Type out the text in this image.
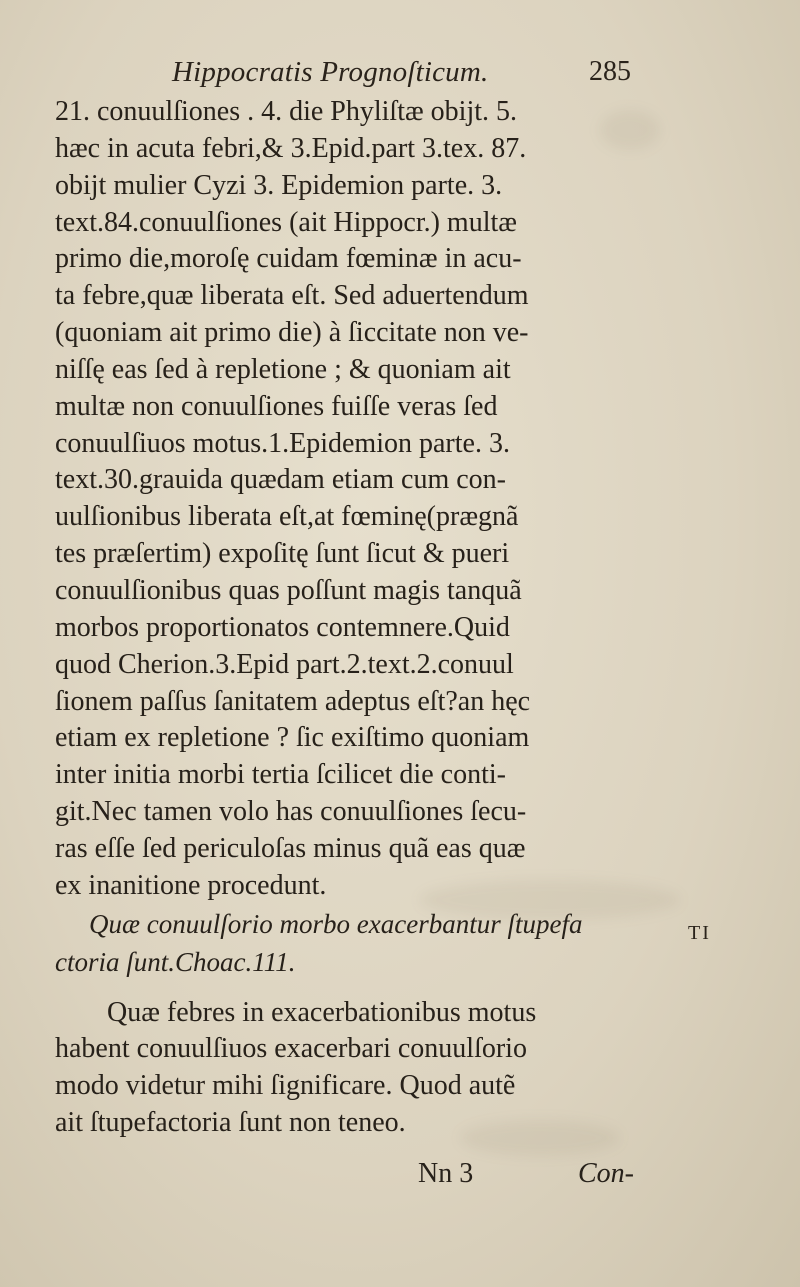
Hippocratis Prognoſticum.	285
21. conuulſiones . 4. die Phyliſtæ obijt. 5.
hæc in acuta febri,& 3.Epid.part 3.tex. 87.
obijt mulier Cyzi 3. Epidemion parte. 3.
text.84.conuulſiones (ait Hippocr.) multæ
primo die,moroſę cuidam fœminæ in acu-
ta febre,quæ liberata eſt. Sed aduertendum
(quoniam ait primo die) à ſiccitate non ve-
niſſę eas ſed à repletione ; & quoniam ait
multæ non conuulſiones fuiſſe veras ſed
conuulſiuos motus.1.Epidemion parte. 3.
text.30.grauida quædam etiam cum con-
uulſionibus liberata eſt,at fœminę(prægnã
tes præſertim) expoſitę ſunt ſicut & pueri
conuulſionibus quas poſſunt magis tanquã
morbos proportionatos contemnere.Quid
quod Cherion.3.Epid part.2.text.2.conuul
ſionem paſſus ſanitatem adeptus eſt?an hęc
etiam ex repletione ? ſic exiſtimo quoniam
inter initia morbi tertia ſcilicet die conti-
git.Nec tamen volo has conuulſiones ſecu-
ras eſſe ſed periculoſas minus quã eas quæ
ex inanitione procedunt.
Quæ conuulſorio morbo exacerbantur ſtupefa
ctoria ſunt.Choac.111.
Quæ febres in exacerbationibus motus
habent conuulſiuos exacerbari conuulſorio
modo videtur mihi ſignificare. Quod autẽ
ait ſtupefactoria ſunt non teneo.
TI
Nn 3	Con-
